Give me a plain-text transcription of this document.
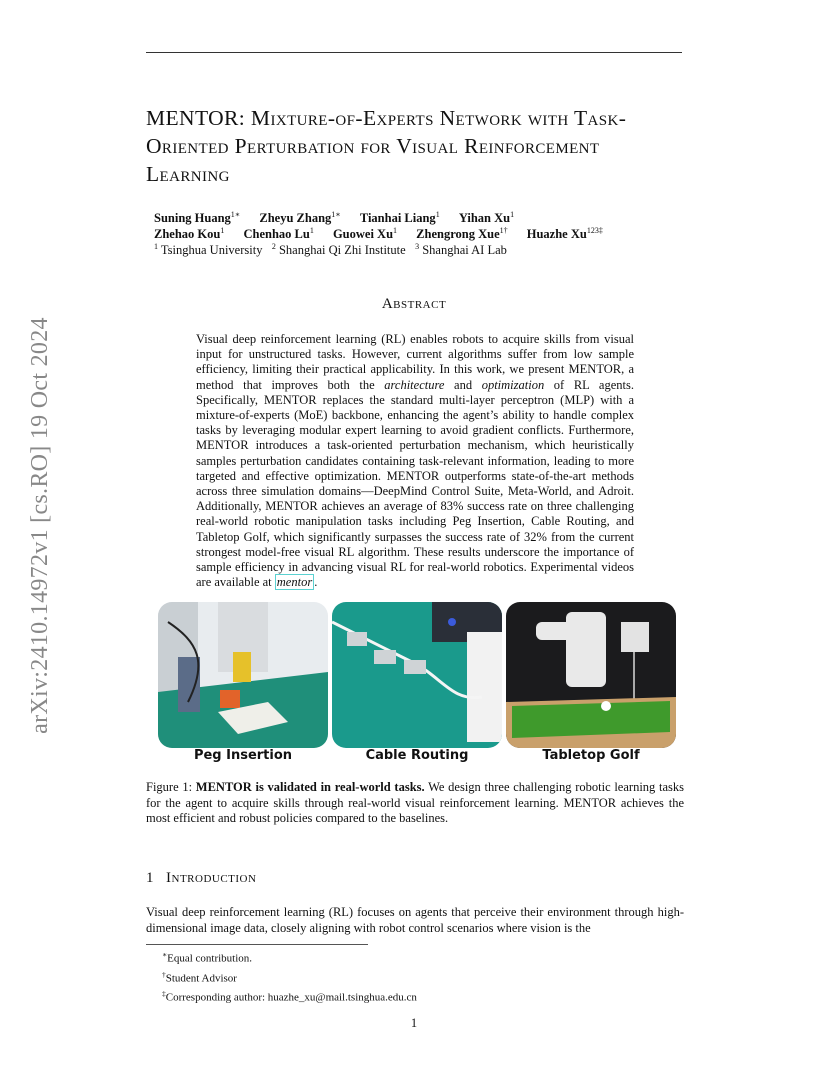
arXiv:2410.14972v1 [cs.RO] 19 Oct 2024
MENTOR: Mixture-of-Experts Network with Task-Oriented Perturbation for Visual Reinforcement Learning
Suning Huang$^{1∗}$ Zheyu Zhang$^{1∗}$ Tianhai Liang$^1$ Yihan Xu$^1$
Zhehao Kou$^1$ Chenhao Lu$^1$ Guowei Xu$^1$ Zhengrong Xue$^{1\dagger}$ Huazhe $Xu^{123\ddagger}$
$^1$ Tsinghua University $^2$ Shanghai Qi Zhi Institute $^3$ Shanghai AI Lab
Abstract

Visual deep reinforcement learning (RL) enables robots to acquire skills from visual input for unstructured tasks. However, current algorithms suffer from low sample efficiency, limiting their practical applicability. In this work, we present MENTOR, a method that improves both the architecture and optimization of RL agents. Specifically, MENTOR replaces the standard multi-layer perceptron (MLP) with a mixture-of-experts (MoE) backbone, enhancing the agent’s ability to handle complex tasks by leveraging modular expert learning to avoid gradient conflicts. Furthermore, MENTOR introduces a task-oriented perturbation mechanism, which heuristically samples perturbation candidates containing task-relevant information, leading to more targeted and effective optimization. MENTOR outperforms state-of-the-art methods across three simulation domains—DeepMind Control Suite, Meta-World, and Adroit. Additionally, MENTOR achieves an average of 83% success rate on three challenging real-world robotic manipulation tasks including Peg Insertion, Cable Routing, and Tabletop Golf, which significantly surpasses the success rate of 32% from the current strongest model-free visual RL algorithm. These results underscore the importance of sample efficiency in advancing visual RL for real-world robotics. Experimental videos are available at mentor .

Peg Insertion	Cable Routing	Tabletop Golf

Figure 1: MENTOR is validated in real-world tasks. We design three challenging robotic learning tasks for the agent to acquire skills through real-world visual reinforcement learning. MENTOR achieves the most efficient and robust policies compared to the baselines.

1 Introduction

Visual deep reinforcement learning (RL) focuses on agents that perceive their environment through high-dimensional image data, closely aligning with robot control scenarios where vision is the

∗Equal contribution.
†Student Advisor
‡Corresponding author: huazhe_xu@mail.tsinghua.edu.cn
1
